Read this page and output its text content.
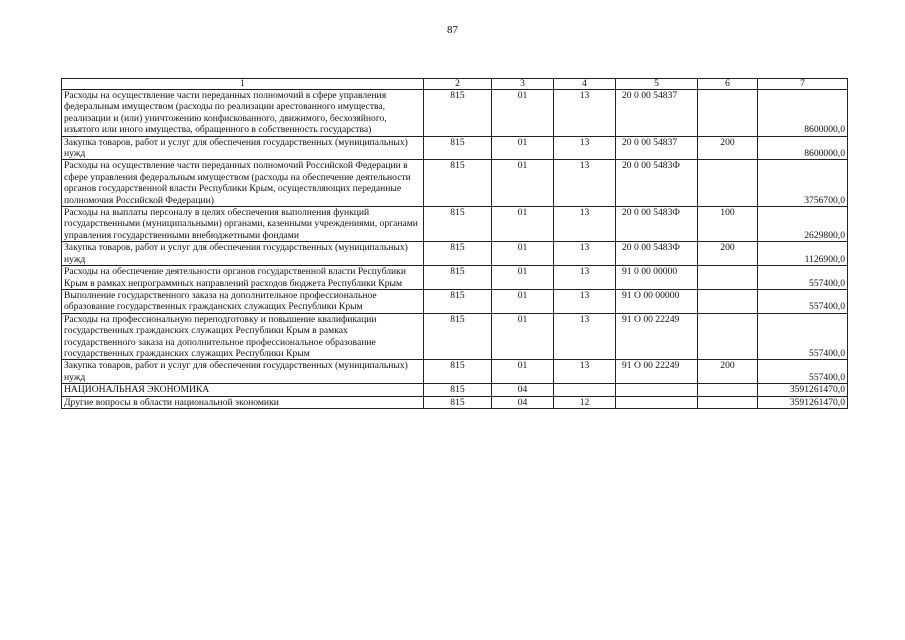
87
1	2	3	4	5	6	7
Расходы на осуществление части переданных полномочий в сфере управления федеральным имуществом (расходы по реализации арестованного имущества, реализации и (или) уничтожению конфискованного, движимого, бесхозяйного, изъятого или иного имущества, обращенного в собственность государства)	815	01	13	20 0 00 54837		8600000,0
Закупка товаров, работ и услуг для обеспечения государственных (муниципальных) нужд	815	01	13	20 0 00 54837	200	8600000,0
Расходы на осуществление части переданных полномочий Российской Федерации в сфере управления федеральным имуществом (расходы на обеспечение деятельности органов государственной власти Республики Крым, осуществляющих переданные полномочия Российской Федерации)	815	01	13	20 0 00 5483Ф		3756700,0
Расходы на выплаты персоналу в целях обеспечения выполнения функций государственными (муниципальными) органами, казенными учреждениями, органами управления государственными внебюджетными фондами	815	01	13	20 0 00 5483Ф	100	2629800,0
Закупка товаров, работ и услуг для обеспечения государственных (муниципальных) нужд	815	01	13	20 0 00 5483Ф	200	1126900,0
Расходы на обеспечение деятельности органов государственной власти Республики Крым в рамках непрограммных направлений расходов бюджета Республики Крым	815	01	13	91 0 00 00000		557400,0
Выполнение государственного заказа на дополнительное профессиональное образование государственных гражданских служащих Республики Крым	815	01	13	91 О 00 00000		557400,0
Расходы на профессиональную переподготовку и повышение квалификации государственных гражданских служащих Республики Крым в рамках государственного заказа на дополнительное профессиональное образование государственных гражданских служащих Республики Крым	815	01	13	91 О 00 22249		557400,0
Закупка товаров, работ и услуг для обеспечения государственных (муниципальных) нужд	815	01	13	91 О 00 22249	200	557400,0
НАЦИОНАЛЬНАЯ ЭКОНОМИКА	815	04				3591261470,0
Другие вопросы в области национальной экономики	815	04	12			3591261470,0
